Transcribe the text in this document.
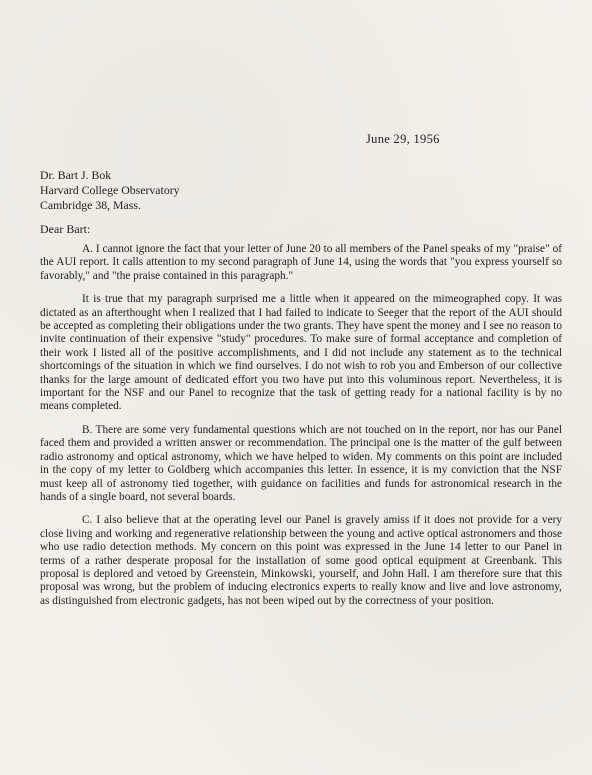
June 29, 1956
Dr. Bart J. Bok
Harvard College Observatory
Cambridge 38, Mass.
Dear Bart:

A. I cannot ignore the fact that your letter of June 20 to all members of the Panel speaks of my "praise" of the AUI report. It calls attention to my second paragraph of June 14, using the words that "you express yourself so favorably," and "the praise contained in this paragraph."

It is true that my paragraph surprised me a little when it appeared on the mimeographed copy. It was dictated as an afterthought when I realized that I had failed to indicate to Seeger that the report of the AUI should be accepted as completing their obligations under the two grants. They have spent the money and I see no reason to invite continuation of their expensive "study" procedures. To make sure of formal acceptance and completion of their work I listed all of the positive accomplishments, and I did not include any statement as to the technical shortcomings of the situation in which we find ourselves. I do not wish to rob you and Emberson of our collective thanks for the large amount of dedicated effort you two have put into this voluminous report. Nevertheless, it is important for the NSF and our Panel to recognize that the task of getting ready for a national facility is by no means completed.

B. There are some very fundamental questions which are not touched on in the report, nor has our Panel faced them and provided a written answer or recommendation. The principal one is the matter of the gulf between radio astronomy and optical astronomy, which we have helped to widen. My comments on this point are included in the copy of my letter to Goldberg which accompanies this letter. In essence, it is my conviction that the NSF must keep all of astronomy tied together, with guidance on facilities and funds for astronomical research in the hands of a single board, not several boards.

C. I also believe that at the operating level our Panel is gravely amiss if it does not provide for a very close living and working and regenerative relationship between the young and active optical astronomers and those who use radio detection methods. My concern on this point was expressed in the June 14 letter to our Panel in terms of a rather desperate proposal for the installation of some good optical equipment at Greenbank. This proposal is deplored and vetoed by Greenstein, Minkowski, yourself, and John Hall. I am therefore sure that this proposal was wrong, but the problem of inducing electronics experts to really know and live and love astronomy, as distinguished from electronic gadgets, has not been wiped out by the correctness of your position.
